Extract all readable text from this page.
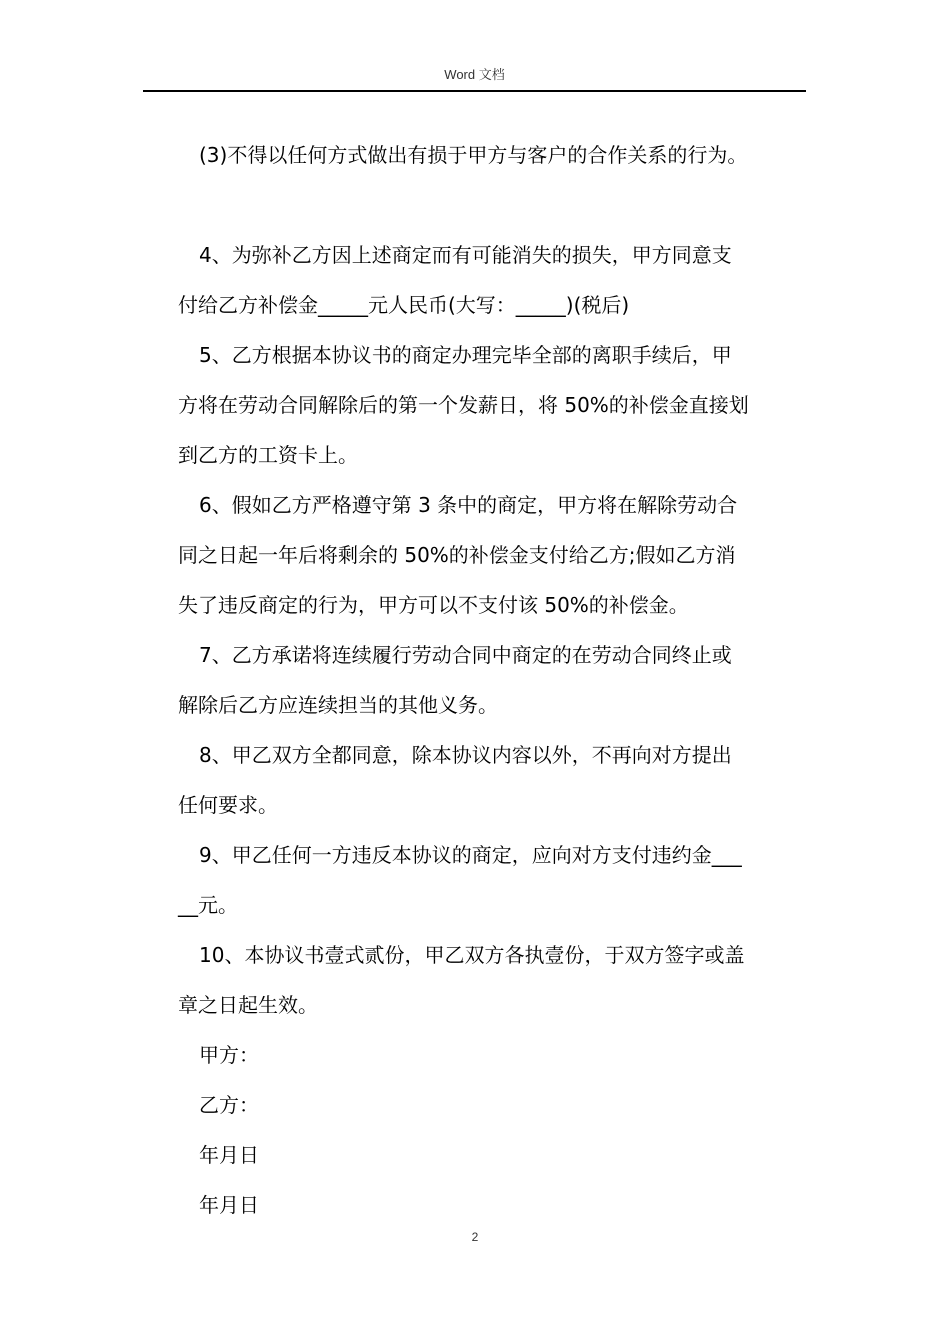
Word 文档

(3)不得以任何方式做出有损于甲方与客户的合作关系的行为。

4、为弥补乙方因上述商定而有可能消失的损失，甲方同意支

付给乙方补偿金_____元人民币(大写：_____)(税后)

5、乙方根据本协议书的商定办理完毕全部的离职手续后，甲

方将在劳动合同解除后的第一个发薪日，将 50%的补偿金直接划

到乙方的工资卡上。

6、假如乙方严格遵守第 3 条中的商定，甲方将在解除劳动合

同之日起一年后将剩余的 50%的补偿金支付给乙方;假如乙方消

失了违反商定的行为，甲方可以不支付该 50%的补偿金。

7、乙方承诺将连续履行劳动合同中商定的在劳动合同终止或

解除后乙方应连续担当的其他义务。

8、甲乙双方全都同意，除本协议内容以外，不再向对方提出

任何要求。

9、甲乙任何一方违反本协议的商定，应向对方支付违约金___

__元。

10、本协议书壹式贰份，甲乙双方各执壹份，于双方签字或盖

章之日起生效。

甲方：

乙方：

年月日

年月日

2
